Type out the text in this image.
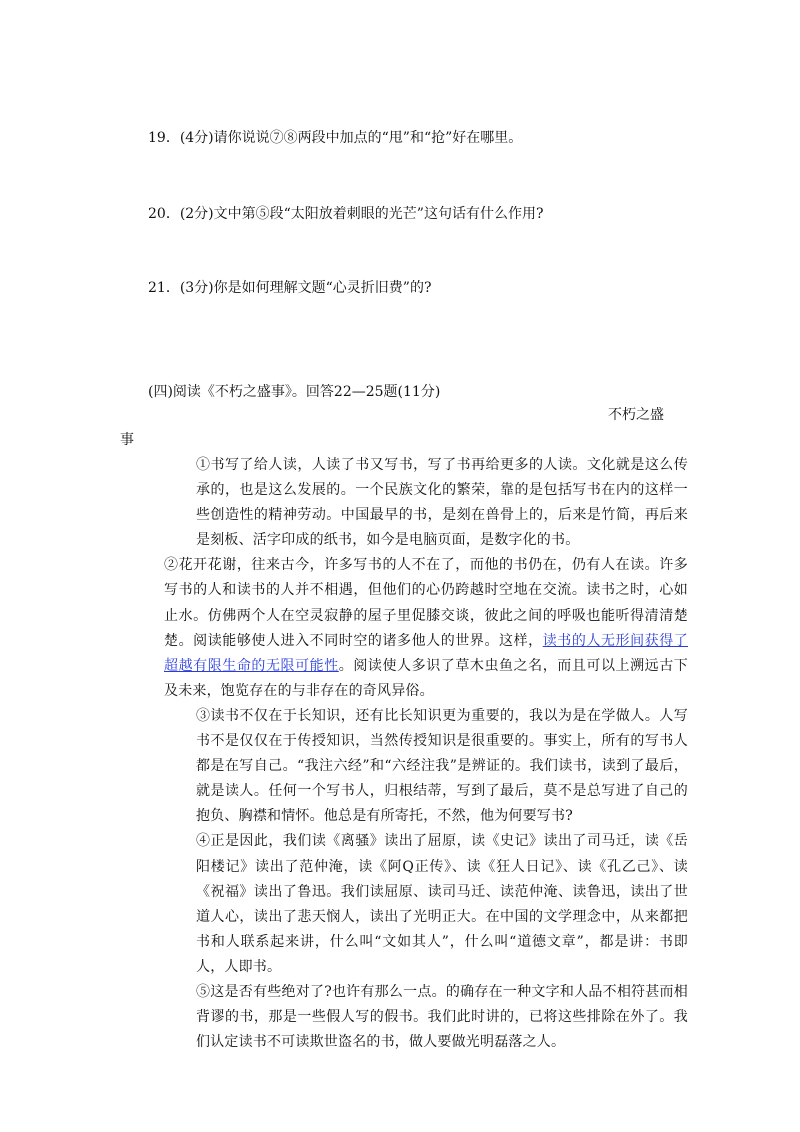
19．(4分)请你说说⑦⑧两段中加点的“甩”和“抢”好在哪里。
20．(2分)文中第⑤段“太阳放着刺眼的光芒”这句话有什么作用?
21．(3分)你是如何理解文题“心灵折旧费”的?
(四)阅读《不朽之盛事》。回答22—25题(11分)
不朽之盛
事

①书写了给人读，人读了书又写书，写了书再给更多的人读。文化就是这么传承的，也是这么发展的。一个民族文化的繁荣，靠的是包括写书在内的这样一些创造性的精神劳动。中国最早的书，是刻在兽骨上的，后来是竹简，再后来是刻板、活字印成的纸书，如今是电脑页面，是数字化的书。

②花开花谢，往来古今，许多写书的人不在了，而他的书仍在，仍有人在读。许多写书的人和读书的人并不相遇，但他们的心仍跨越时空地在交流。读书之时，心如止水。仿佛两个人在空灵寂静的屋子里促膝交谈，彼此之间的呼吸也能听得清清楚楚。阅读能够使人进入不同时空的诸多他人的世界。这样，读书的人无形间获得了超越有限生命的无限可能性。阅读使人多识了草木虫鱼之名，而且可以上溯远古下及未来，饱览存在的与非存在的奇风异俗。

③读书不仅在于长知识，还有比长知识更为重要的，我以为是在学做人。人写书不是仅仅在于传授知识，当然传授知识是很重要的。事实上，所有的写书人都是在写自己。“我注六经”和“六经注我”是辨证的。我们读书，读到了最后，就是读人。任何一个写书人，归根结蒂，写到了最后，莫不是总写进了自己的抱负、胸襟和情怀。他总是有所寄托，不然，他为何要写书?

④正是因此，我们读《离骚》读出了屈原，读《史记》读出了司马迁，读《岳阳楼记》读出了范仲淹，读《阿Q正传》、读《狂人日记》、读《孔乙己》、读《祝福》读出了鲁迅。我们读屈原、读司马迁、读范仲淹、读鲁迅，读出了世道人心，读出了悲天悯人，读出了光明正大。在中国的文学理念中，从来都把书和人联系起来讲，什么叫“文如其人”，什么叫“道德文章”，都是讲：书即人，人即书。

⑤这是否有些绝对了?也许有那么一点。的确存在一种文字和人品不相符甚而相背谬的书，那是一些假人写的假书。我们此时讲的，已将这些排除在外了。我们认定读书不可读欺世盗名的书，做人要做光明磊落之人。
